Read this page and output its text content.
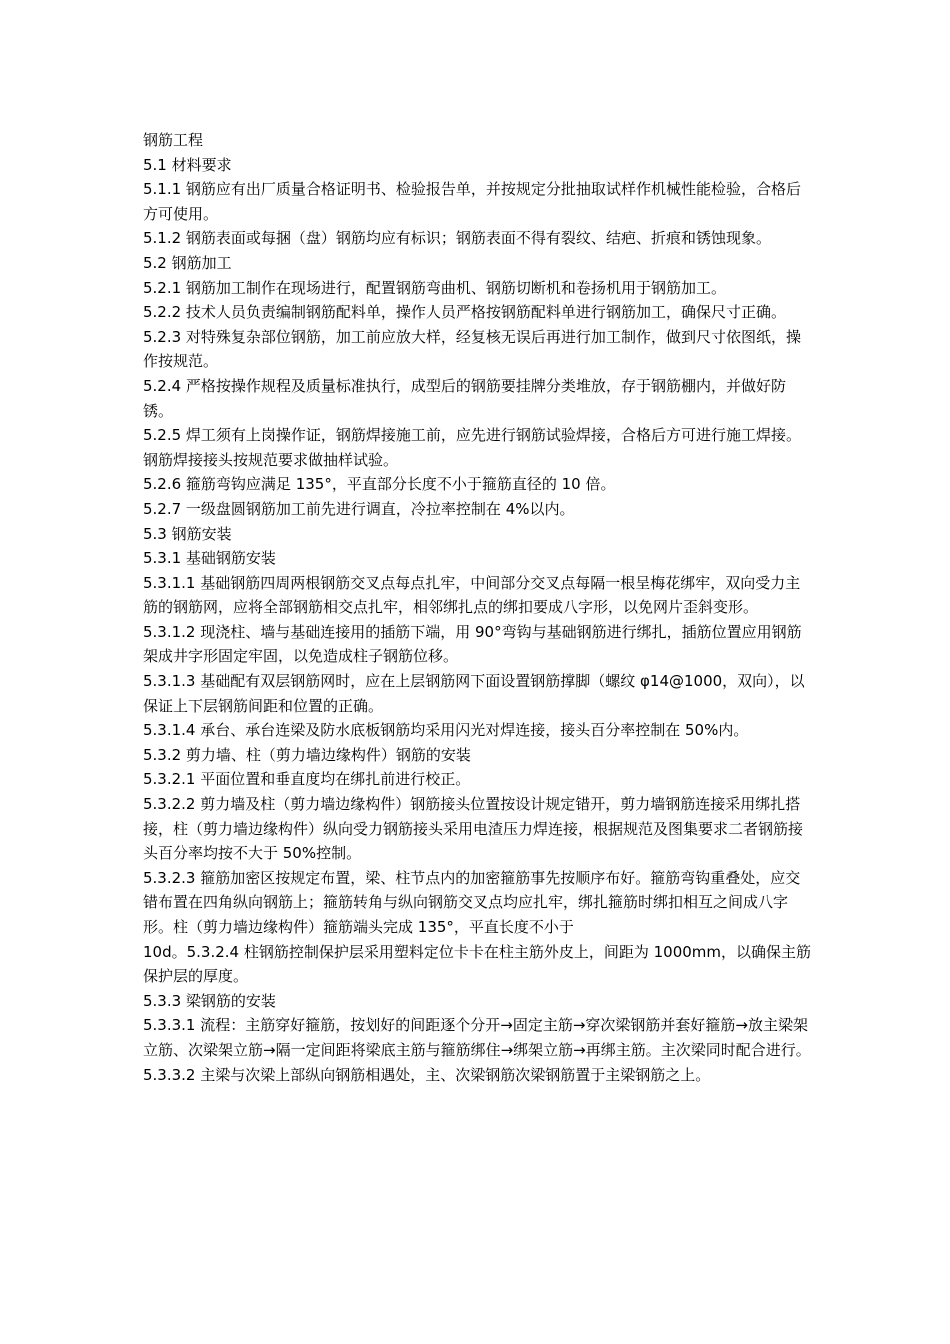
钢筋工程

5.1 材料要求

5.1.1 钢筋应有出厂质量合格证明书、检验报告单，并按规定分批抽取试样作机械性能检验，合格后方可使用。

5.1.2 钢筋表面或每捆（盘）钢筋均应有标识；钢筋表面不得有裂纹、结疤、折痕和锈蚀现象。

5.2 钢筋加工

5.2.1 钢筋加工制作在现场进行，配置钢筋弯曲机、钢筋切断机和卷扬机用于钢筋加工。

5.2.2 技术人员负责编制钢筋配料单，操作人员严格按钢筋配料单进行钢筋加工，确保尺寸正确。

5.2.3 对特殊复杂部位钢筋，加工前应放大样，经复核无误后再进行加工制作，做到尺寸依图纸，操作按规范。

5.2.4 严格按操作规程及质量标准执行，成型后的钢筋要挂牌分类堆放，存于钢筋棚内，并做好防锈。

5.2.5 焊工须有上岗操作证，钢筋焊接施工前，应先进行钢筋试验焊接，合格后方可进行施工焊接。钢筋焊接接头按规范要求做抽样试验。

5.2.6 箍筋弯钩应满足 135°，平直部分长度不小于箍筋直径的 10 倍。

5.2.7 一级盘圆钢筋加工前先进行调直，冷拉率控制在 4%以内。

5.3 钢筋安装

5.3.1 基础钢筋安装

5.3.1.1 基础钢筋四周两根钢筋交叉点每点扎牢，中间部分交叉点每隔一根呈梅花绑牢，双向受力主筋的钢筋网，应将全部钢筋相交点扎牢，相邻绑扎点的绑扣要成八字形，以免网片歪斜变形。

5.3.1.2 现浇柱、墙与基础连接用的插筋下端，用 90°弯钩与基础钢筋进行绑扎，插筋位置应用钢筋架成井字形固定牢固，以免造成柱子钢筋位移。

5.3.1.3 基础配有双层钢筋网时，应在上层钢筋网下面设置钢筋撑脚（螺纹 φ14@1000，双向），以保证上下层钢筋间距和位置的正确。

5.3.1.4 承台、承台连梁及防水底板钢筋均采用闪光对焊连接，接头百分率控制在 50%内。

5.3.2 剪力墙、柱（剪力墙边缘构件）钢筋的安装

5.3.2.1 平面位置和垂直度均在绑扎前进行校正。

5.3.2.2 剪力墙及柱（剪力墙边缘构件）钢筋接头位置按设计规定错开，剪力墙钢筋连接采用绑扎搭接，柱（剪力墙边缘构件）纵向受力钢筋接头采用电渣压力焊连接，根据规范及图集要求二者钢筋接头百分率均按不大于 50%控制。

5.3.2.3 箍筋加密区按规定布置，梁、柱节点内的加密箍筋事先按顺序布好。箍筋弯钩重叠处，应交错布置在四角纵向钢筋上；箍筋转角与纵向钢筋交叉点均应扎牢，绑扎箍筋时绑扣相互之间成八字形。柱（剪力墙边缘构件）箍筋端头完成 135°，平直长度不小于

10d。5.3.2.4 柱钢筋控制保护层采用塑料定位卡卡在柱主筋外皮上，间距为 1000mm，以确保主筋保护层的厚度。

5.3.3 梁钢筋的安装

5.3.3.1 流程：主筋穿好箍筋，按划好的间距逐个分开→固定主筋→穿次梁钢筋并套好箍筋→放主梁架立筋、次梁架立筋→隔一定间距将梁底主筋与箍筋绑住→绑架立筋→再绑主筋。主次梁同时配合进行。

5.3.3.2 主梁与次梁上部纵向钢筋相遇处，主、次梁钢筋次梁钢筋置于主梁钢筋之上。
